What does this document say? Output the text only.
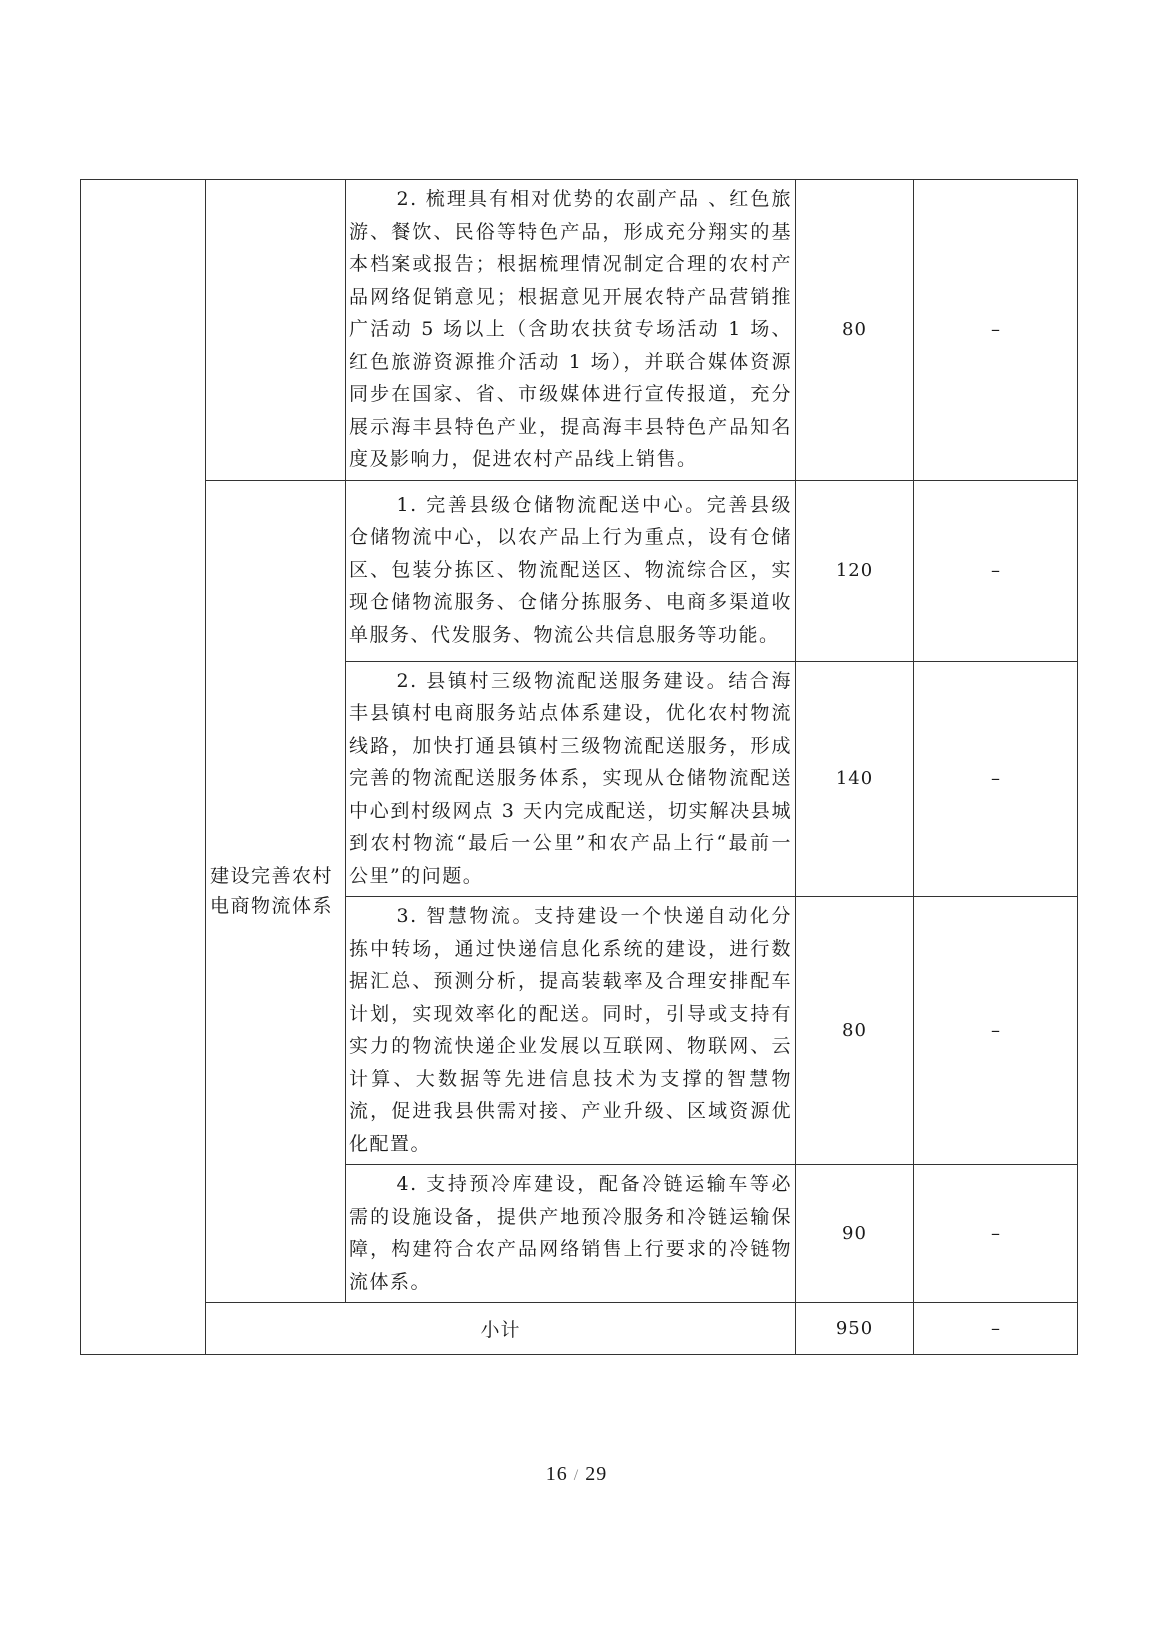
		2. 梳理具有相对优势的农副产品 、红色旅游、餐饮、民俗等特色产品，形成充分翔实的基本档案或报告；根据梳理情况制定合理的农村产品网络促销意见；根据意见开展农特产品营销推广活动 5 场以上（含助农扶贫专场活动 1 场、红色旅游资源推介活动 1 场），并联合媒体资源同步在国家、省、市级媒体进行宣传报道，充分展示海丰县特色产业，提高海丰县特色产品知名度及影响力，促进农村产品线上销售。	80	–
	建设完善农村电商物流体系	1. 完善县级仓储物流配送中心。完善县级仓储物流中心，以农产品上行为重点，设有仓储区、包装分拣区、物流配送区、物流综合区，实现仓储物流服务、仓储分拣服务、电商多渠道收单服务、代发服务、物流公共信息服务等功能。	120	–
		2. 县镇村三级物流配送服务建设。结合海丰县镇村电商服务站点体系建设，优化农村物流线路，加快打通县镇村三级物流配送服务，形成完善的物流配送服务体系，实现从仓储物流配送中心到村级网点 3 天内完成配送，切实解决县城到农村物流“最后一公里”和农产品上行“最前一公里”的问题。	140	–
		3. 智慧物流。支持建设一个快递自动化分拣中转场，通过快递信息化系统的建设，进行数据汇总、预测分析，提高装载率及合理安排配车计划，实现效率化的配送。同时，引导或支持有实力的物流快递企业发展以互联网、物联网、云计算、大数据等先进信息技术为支撑的智慧物流，促进我县供需对接、产业升级、区域资源优化配置。	80	–
		4. 支持预冷库建设，配备冷链运输车等必需的设施设备，提供产地预冷服务和冷链运输保障，构建符合农产品网络销售上行要求的冷链物流体系。	90	–
	小计		950	–
16 / 29
